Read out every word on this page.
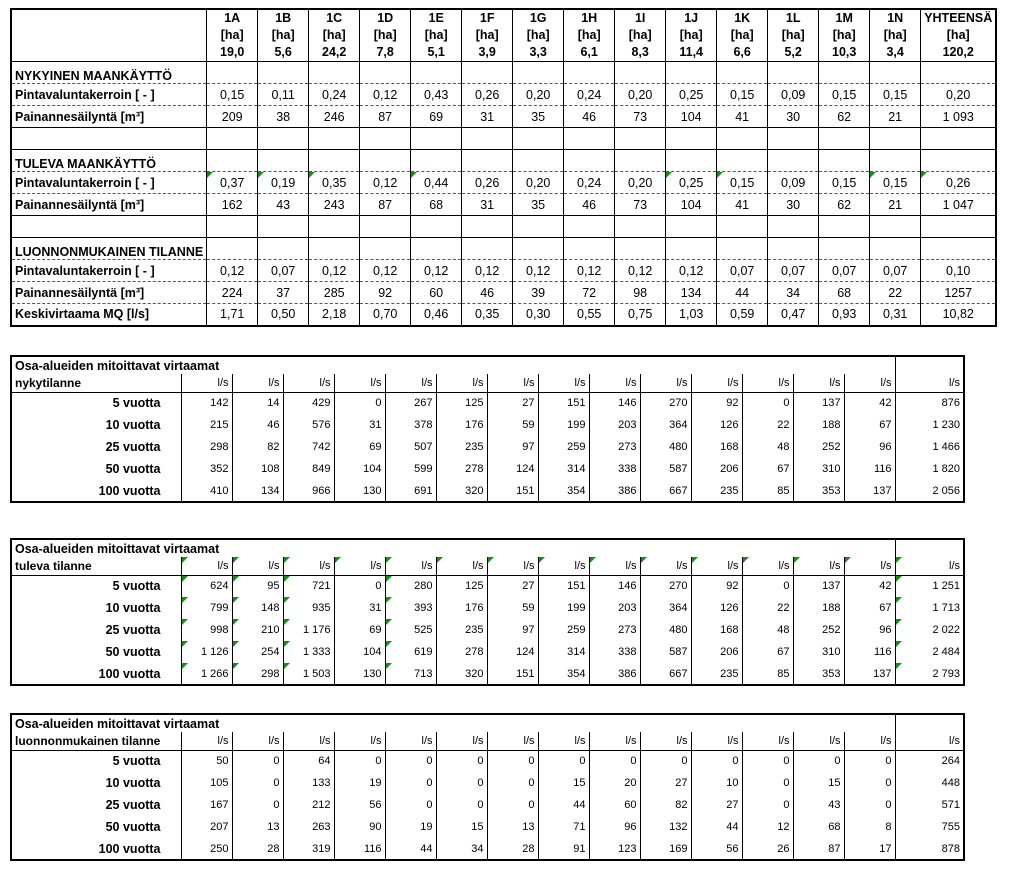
	1A	1B	1C	1D	1E	1F	1G	1H	1I	1J	1K	1L	1M	1N	YHTEENSÄ
	[ha]	[ha]	[ha]	[ha]	[ha]	[ha]	[ha]	[ha]	[ha]	[ha]	[ha]	[ha]	[ha]	[ha]	[ha]
	19,0	5,6	24,2	7,8	5,1	3,9	3,3	6,1	8,3	11,4	6,6	5,2	10,3	3,4	120,2
NYKYINEN MAANKÄYTTÖ															
Pintavaluntakerroin [ - ]	0,15	0,11	0,24	0,12	0,43	0,26	0,20	0,24	0,20	0,25	0,15	0,09	0,15	0,15	0,20
Painannesäilyntä [m³]	209	38	246	87	69	31	35	46	73	104	41	30	62	21	1 093

TULEVA MAANKÄYTTÖ															
Pintavaluntakerroin [ - ]	0,37	0,19	0,35	0,12	0,44	0,26	0,20	0,24	0,20	0,25	0,15	0,09	0,15	0,15	0,26
Painannesäilyntä [m³]	162	43	243	87	68	31	35	46	73	104	41	30	62	21	1 047

LUONNONMUKAINEN TILANNE															
Pintavaluntakerroin [ - ]	0,12	0,07	0,12	0,12	0,12	0,12	0,12	0,12	0,12	0,12	0,07	0,07	0,07	0,07	0,10
Painannesäilyntä [m³]	224	37	285	92	60	46	39	72	98	134	44	34	68	22	1257
Keskivirtaama MQ [l/s]	1,71	0,50	2,18	0,70	0,46	0,35	0,30	0,55	0,75	1,03	0,59	0,47	0,93	0,31	10,82
Osa-alueiden mitoittavat virtaamat															
nykytilanne	l/s	l/s	l/s	l/s	l/s	l/s	l/s	l/s	l/s	l/s	l/s	l/s	l/s	l/s	l/s
5 vuotta	142	14	429	0	267	125	27	151	146	270	92	0	137	42	876
10 vuotta	215	46	576	31	378	176	59	199	203	364	126	22	188	67	1 230
25 vuotta	298	82	742	69	507	235	97	259	273	480	168	48	252	96	1 466
50 vuotta	352	108	849	104	599	278	124	314	338	587	206	67	310	116	1 820
100 vuotta	410	134	966	130	691	320	151	354	386	667	235	85	353	137	2 056
Osa-alueiden mitoittavat virtaamat															
tuleva tilanne	l/s	l/s	l/s	l/s	l/s	l/s	l/s	l/s	l/s	l/s	l/s	l/s	l/s	l/s	l/s
5 vuotta	624	95	721	0	280	125	27	151	146	270	92	0	137	42	1 251
10 vuotta	799	148	935	31	393	176	59	199	203	364	126	22	188	67	1 713
25 vuotta	998	210	1 176	69	525	235	97	259	273	480	168	48	252	96	2 022
50 vuotta	1 126	254	1 333	104	619	278	124	314	338	587	206	67	310	116	2 484
100 vuotta	1 266	298	1 503	130	713	320	151	354	386	667	235	85	353	137	2 793
Osa-alueiden mitoittavat virtaamat															
luonnonmukainen tilanne	l/s	l/s	l/s	l/s	l/s	l/s	l/s	l/s	l/s	l/s	l/s	l/s	l/s	l/s	l/s
5 vuotta	50	0	64	0	0	0	0	0	0	0	0	0	0	0	264
10 vuotta	105	0	133	19	0	0	0	15	20	27	10	0	15	0	448
25 vuotta	167	0	212	56	0	0	0	44	60	82	27	0	43	0	571
50 vuotta	207	13	263	90	19	15	13	71	96	132	44	12	68	8	755
100 vuotta	250	28	319	116	44	34	28	91	123	169	56	26	87	17	878
